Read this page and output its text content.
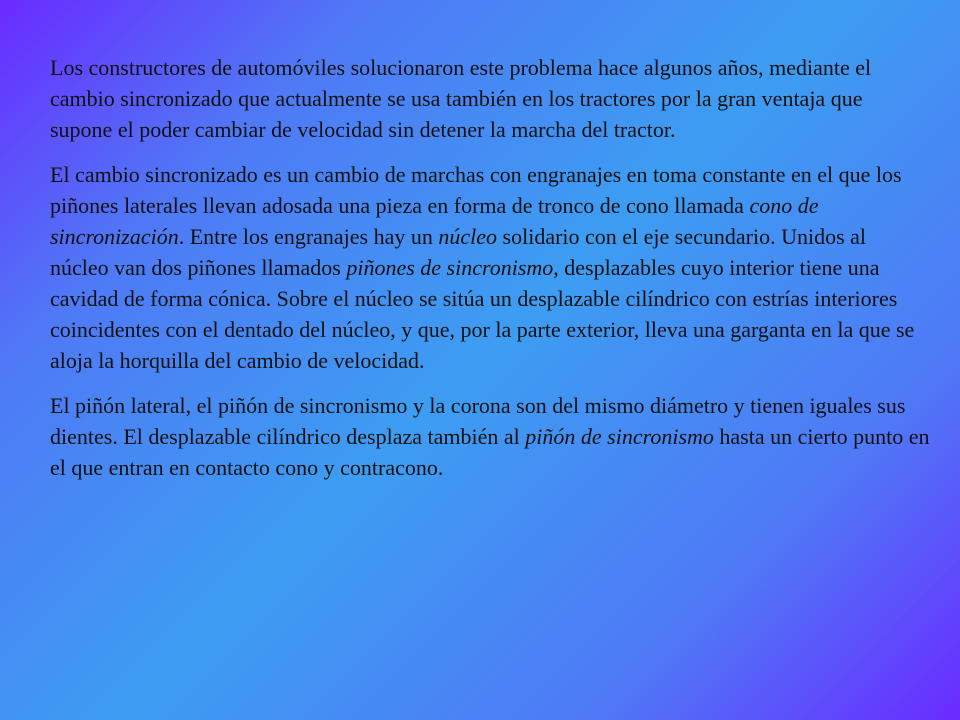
Los constructores de automóviles solucionaron este problema hace algunos años, mediante el cambio sincronizado que actualmente se usa también en los tractores por la gran ventaja que supone el poder cambiar de velocidad sin detener la marcha del tractor.

El cambio sincronizado es un cambio de marchas con engranajes en toma constante en el que los piñones laterales llevan adosada una pieza en forma de tronco de cono llamada cono de sincronización. Entre los engranajes hay un núcleo solidario con el eje secundario. Unidos al núcleo van dos piñones llamados piñones de sincronismo, desplazables cuyo interior tiene una cavidad de forma cónica. Sobre el núcleo se sitúa un desplazable cilíndrico con estrías interiores coincidentes con el dentado del núcleo, y que, por la parte exterior, lleva una garganta en la que se aloja la horquilla del cambio de velocidad.

El piñón lateral, el piñón de sincronismo y la corona son del mismo diámetro y tienen iguales sus dientes. El desplazable cilíndrico desplaza también al piñón de sincronismo hasta un cierto punto en el que entran en contacto cono y contracono.
